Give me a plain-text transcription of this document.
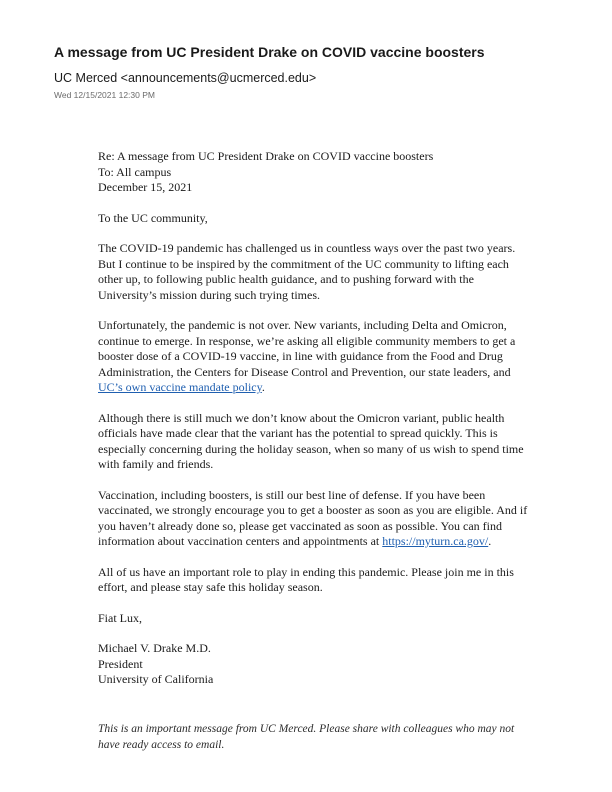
A message from UC President Drake on COVID vaccine boosters
UC Merced <announcements@ucmerced.edu>
Wed 12/15/2021 12:30 PM

Re: A message from UC President Drake on COVID vaccine boosters
To: All campus
December 15, 2021

To the UC community,

The COVID-19 pandemic has challenged us in countless ways over the past two years. But I continue to be inspired by the commitment of the UC community to lifting each other up, to following public health guidance, and to pushing forward with the University’s mission during such trying times.

Unfortunately, the pandemic is not over. New variants, including Delta and Omicron, continue to emerge. In response, we’re asking all eligible community members to get a booster dose of a COVID-19 vaccine, in line with guidance from the Food and Drug Administration, the Centers for Disease Control and Prevention, our state leaders, and UC’s own vaccine mandate policy.

Although there is still much we don’t know about the Omicron variant, public health officials have made clear that the variant has the potential to spread quickly. This is especially concerning during the holiday season, when so many of us wish to spend time with family and friends.

Vaccination, including boosters, is still our best line of defense. If you have been vaccinated, we strongly encourage you to get a booster as soon as you are eligible. And if you haven’t already done so, please get vaccinated as soon as possible. You can find information about vaccination centers and appointments at https://myturn.ca.gov/.

All of us have an important role to play in ending this pandemic. Please join me in this effort, and please stay safe this holiday season.

Fiat Lux,

Michael V. Drake M.D.
President
University of California

This is an important message from UC Merced. Please share with colleagues who may not have ready access to email.
